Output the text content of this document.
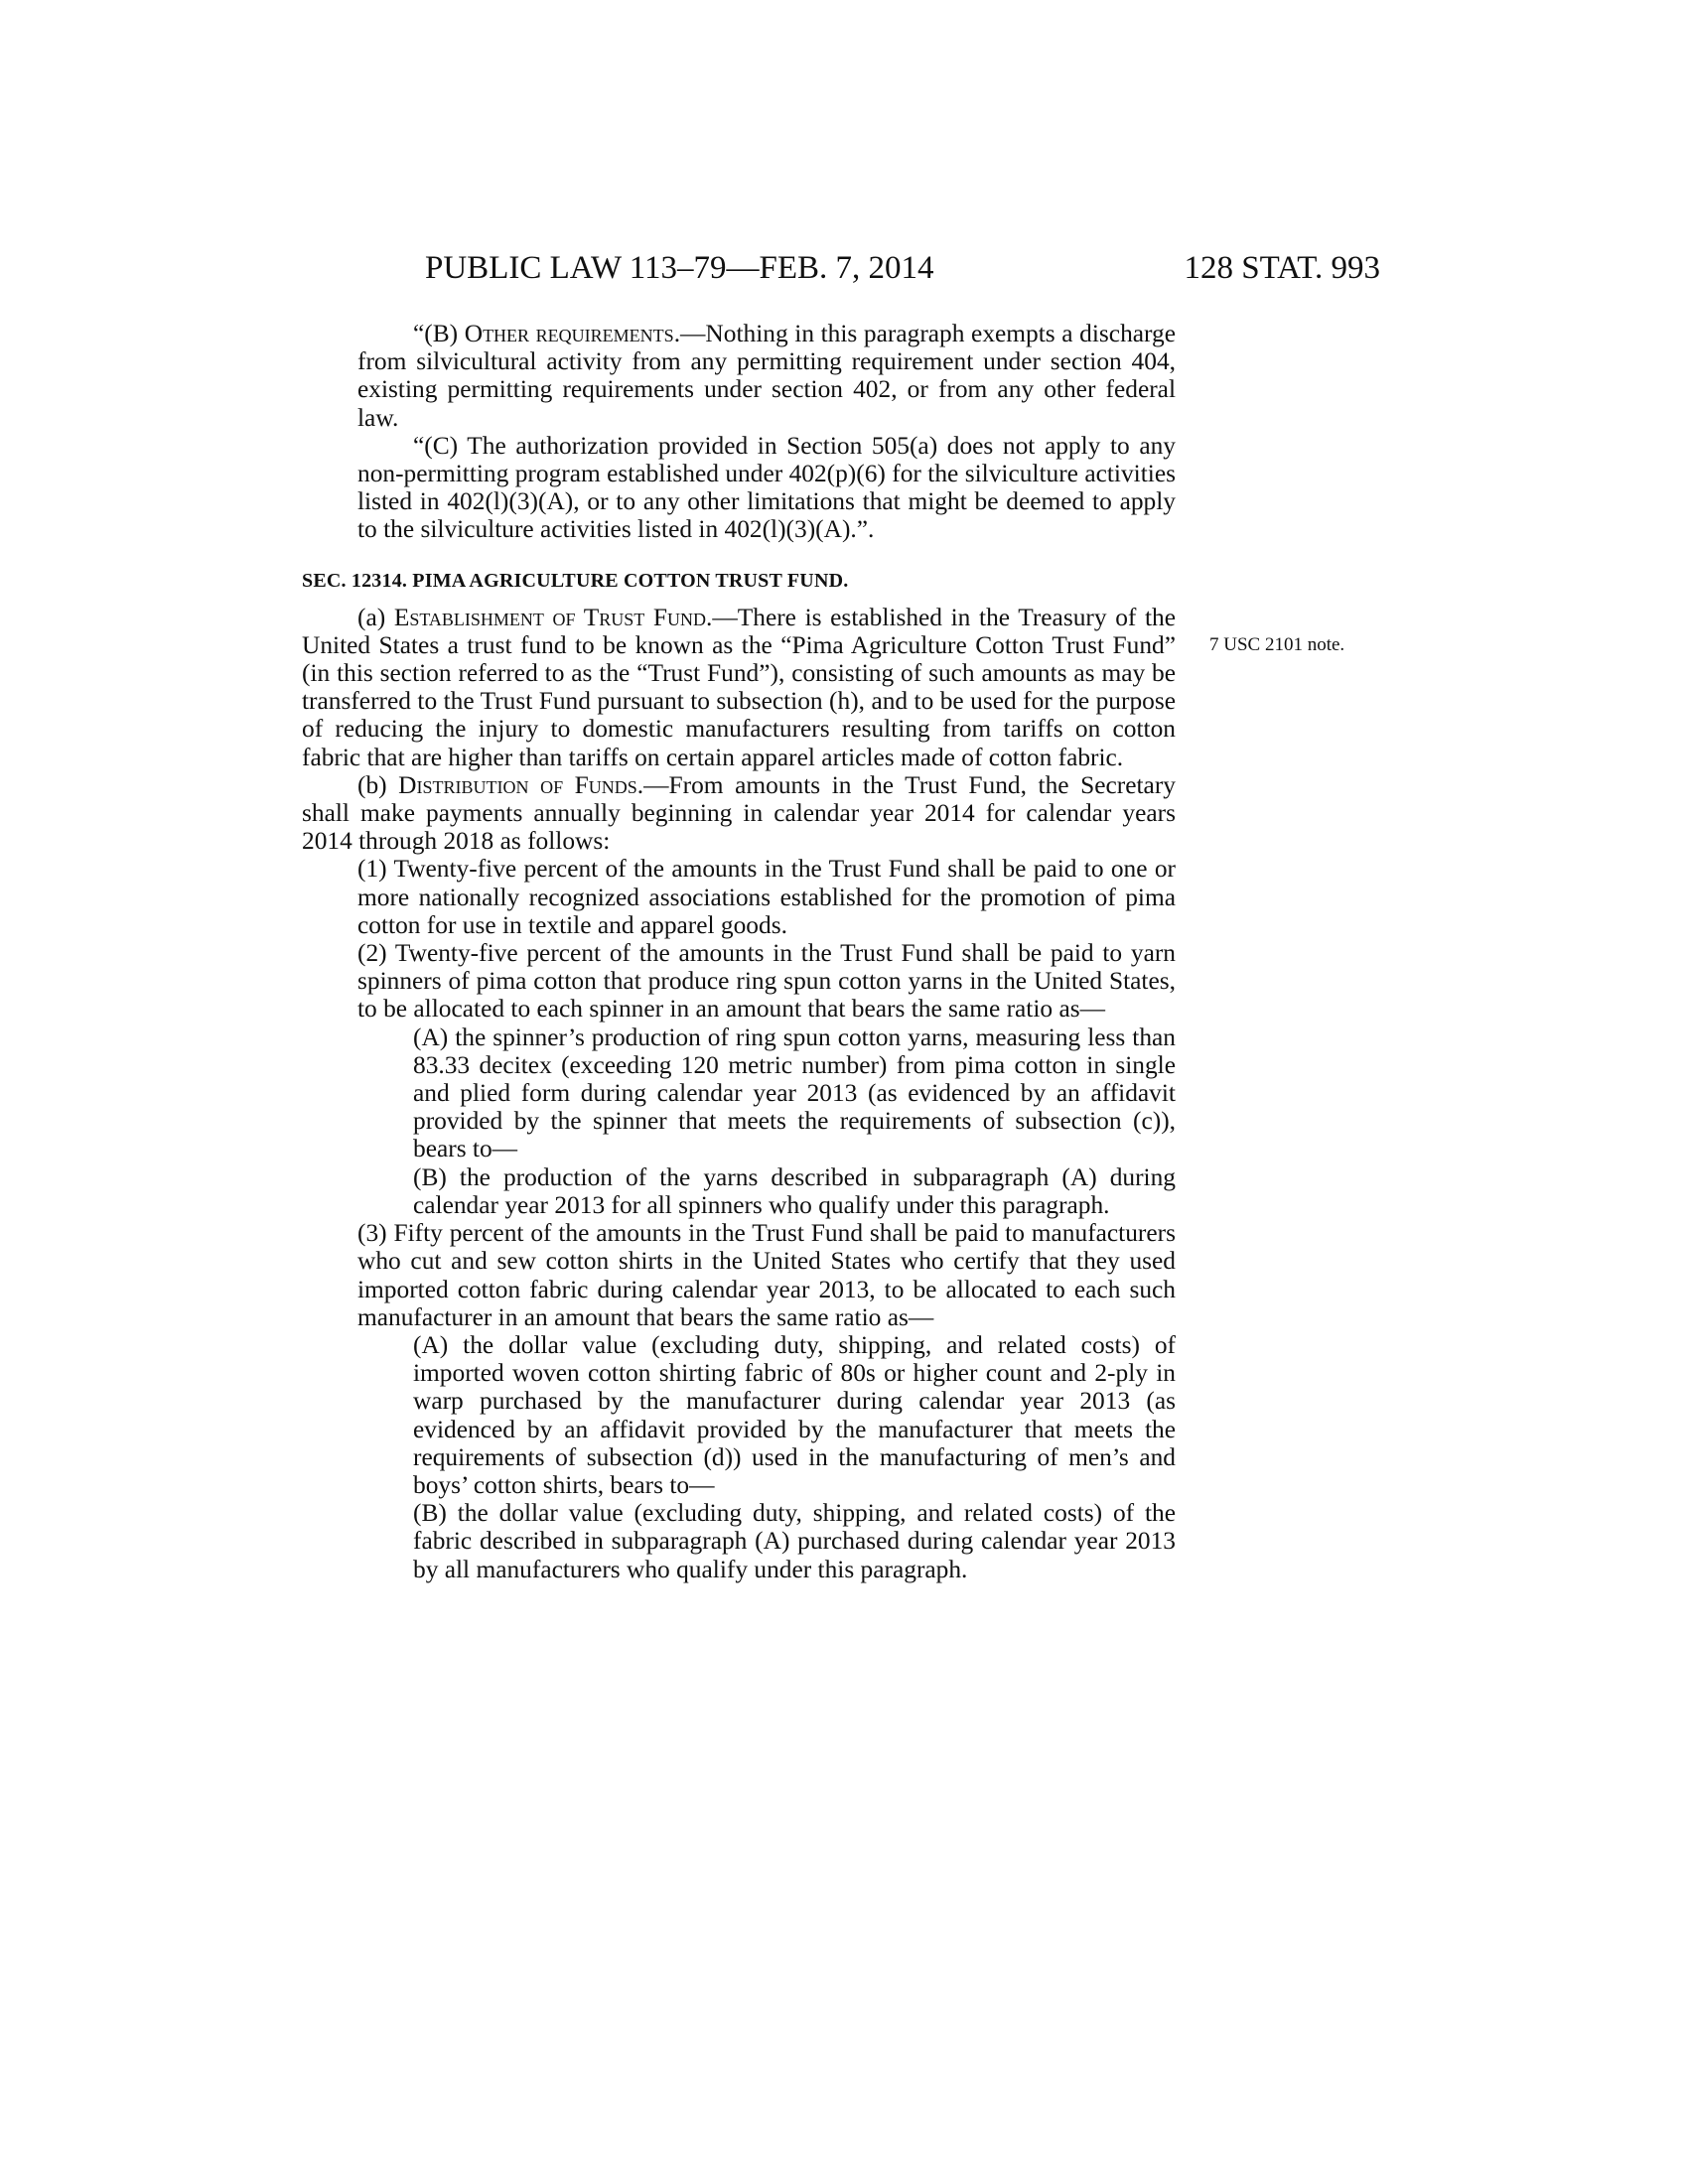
PUBLIC LAW 113–79—FEB. 7, 2014	128 STAT. 993
7 USC 2101 note.

“(B) Other requirements.—Nothing in this paragraph exempts a discharge from silvicultural activity from any permitting requirement under section 404, existing permitting requirements under section 402, or from any other federal law.

“(C) The authorization provided in Section 505(a) does not apply to any non-permitting program established under 402(p)(6) for the silviculture activities listed in 402(l)(3)(A), or to any other limitations that might be deemed to apply to the silviculture activities listed in 402(l)(3)(A).”.

SEC. 12314. PIMA AGRICULTURE COTTON TRUST FUND.

(a) Establishment of Trust Fund.—There is established in the Treasury of the United States a trust fund to be known as the “Pima Agriculture Cotton Trust Fund” (in this section referred to as the “Trust Fund”), consisting of such amounts as may be transferred to the Trust Fund pursuant to subsection (h), and to be used for the purpose of reducing the injury to domestic manufacturers resulting from tariffs on cotton fabric that are higher than tariffs on certain apparel articles made of cotton fabric.

(b) Distribution of Funds.—From amounts in the Trust Fund, the Secretary shall make payments annually beginning in calendar year 2014 for calendar years 2014 through 2018 as follows:

(1) Twenty-five percent of the amounts in the Trust Fund shall be paid to one or more nationally recognized associations established for the promotion of pima cotton for use in textile and apparel goods.

(2) Twenty-five percent of the amounts in the Trust Fund shall be paid to yarn spinners of pima cotton that produce ring spun cotton yarns in the United States, to be allocated to each spinner in an amount that bears the same ratio as—

(A) the spinner’s production of ring spun cotton yarns, measuring less than 83.33 decitex (exceeding 120 metric number) from pima cotton in single and plied form during calendar year 2013 (as evidenced by an affidavit provided by the spinner that meets the requirements of subsection (c)), bears to—

(B) the production of the yarns described in subparagraph (A) during calendar year 2013 for all spinners who qualify under this paragraph.

(3) Fifty percent of the amounts in the Trust Fund shall be paid to manufacturers who cut and sew cotton shirts in the United States who certify that they used imported cotton fabric during calendar year 2013, to be allocated to each such manufacturer in an amount that bears the same ratio as—

(A) the dollar value (excluding duty, shipping, and related costs) of imported woven cotton shirting fabric of 80s or higher count and 2-ply in warp purchased by the manufacturer during calendar year 2013 (as evidenced by an affidavit provided by the manufacturer that meets the requirements of subsection (d)) used in the manufacturing of men’s and boys’ cotton shirts, bears to—

(B) the dollar value (excluding duty, shipping, and related costs) of the fabric described in subparagraph (A) purchased during calendar year 2013 by all manufacturers who qualify under this paragraph.
